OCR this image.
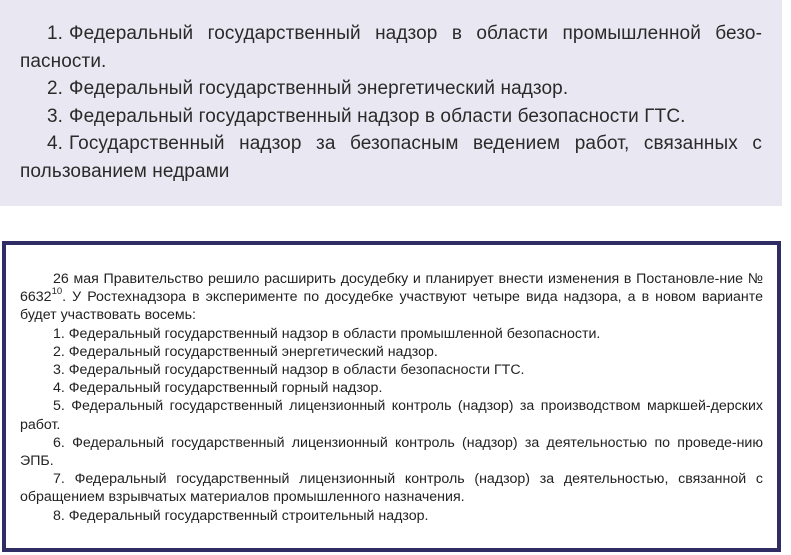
1. Федеральный государственный надзор в области промышленной безо-пасности.

2. Федеральный государственный энергетический надзор.

3. Федеральный государственный надзор в области безопасности ГТС.

4. Государственный надзор за безопасным ведением работ, связанных с пользованием недрами

26 мая Правительство решило расширить досудебку и планирует внести изменения в Постановле-ние № 6632$^{10}$. У Ростехнадзора в эксперименте по досудебке участвуют четыре вида надзора, а в новом варианте будет участвовать восемь:

1. Федеральный государственный надзор в области промышленной безопасности.

2. Федеральный государственный энергетический надзор.

3. Федеральный государственный надзор в области безопасности ГТС.

4. Федеральный государственный горный надзор.

5. Федеральный государственный лицензионный контроль (надзор) за производством маркшей-дерских работ.

6. Федеральный государственный лицензионный контроль (надзор) за деятельностью по проведе-нию ЭПБ.

7. Федеральный государственный лицензионный контроль (надзор) за деятельностью, связанной с обращением взрывчатых материалов промышленного назначения.

8. Федеральный государственный строительный надзор.
